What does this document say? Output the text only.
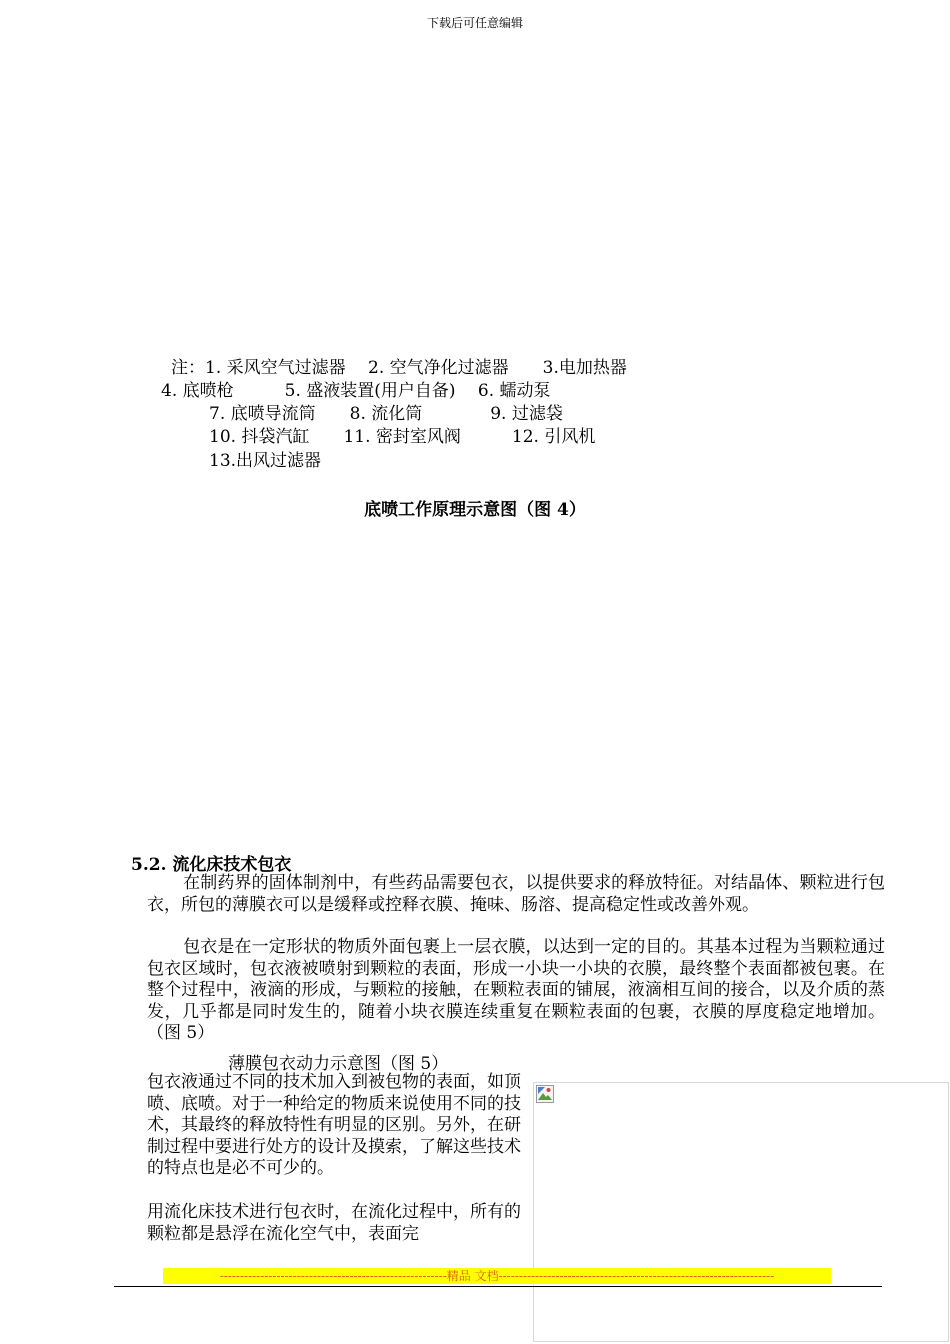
下载后可任意编辑
注：1. 采风空气过滤器　 2. 空气净化过滤器　　3.电加热器
4. 底喷枪　　　5. 盛液装置(用户自备)　 6. 蠕动泵
7. 底喷导流筒　　8. 流化筒　　　　9. 过滤袋
10. 抖袋汽缸　　11. 密封室风阀　　　12. 引风机
13.出风过滤器
底喷工作原理示意图（图 4）
5.2. 流化床技术包衣
在制药界的固体制剂中，有些药品需要包衣，以提供要求的释放特征。对结晶体、颗粒进行包衣，所包的薄膜衣可以是缓释或控释衣膜、掩味、肠溶、提高稳定性或改善外观。
包衣是在一定形状的物质外面包裹上一层衣膜，以达到一定的目的。其基本过程为当颗粒通过包衣区域时，包衣液被喷射到颗粒的表面，形成一小块一小块的衣膜，最终整个表面都被包裹。在整个过程中，液滴的形成，与颗粒的接触，在颗粒表面的铺展，液滴相互间的接合，以及介质的蒸发，几乎都是同时发生的，随着小块衣膜连续重复在颗粒表面的包裹，衣膜的厚度稳定地增加。（图 5）
薄膜包衣动力示意图（图 5）
包衣液通过不同的技术加入到被包物的表面，如顶喷、底喷。对于一种给定的物质来说使用不同的技术，其最终的释放特性有明显的区别。另外，在研制过程中要进行处方的设计及摸索，了解这些技术的特点也是必不可少的。
用流化床技术进行包衣时，在流化过程中，所有的颗粒都是悬浮在流化空气中，表面完
--------------------------------------------------------精品 文档--------------------------------------------------------------------
